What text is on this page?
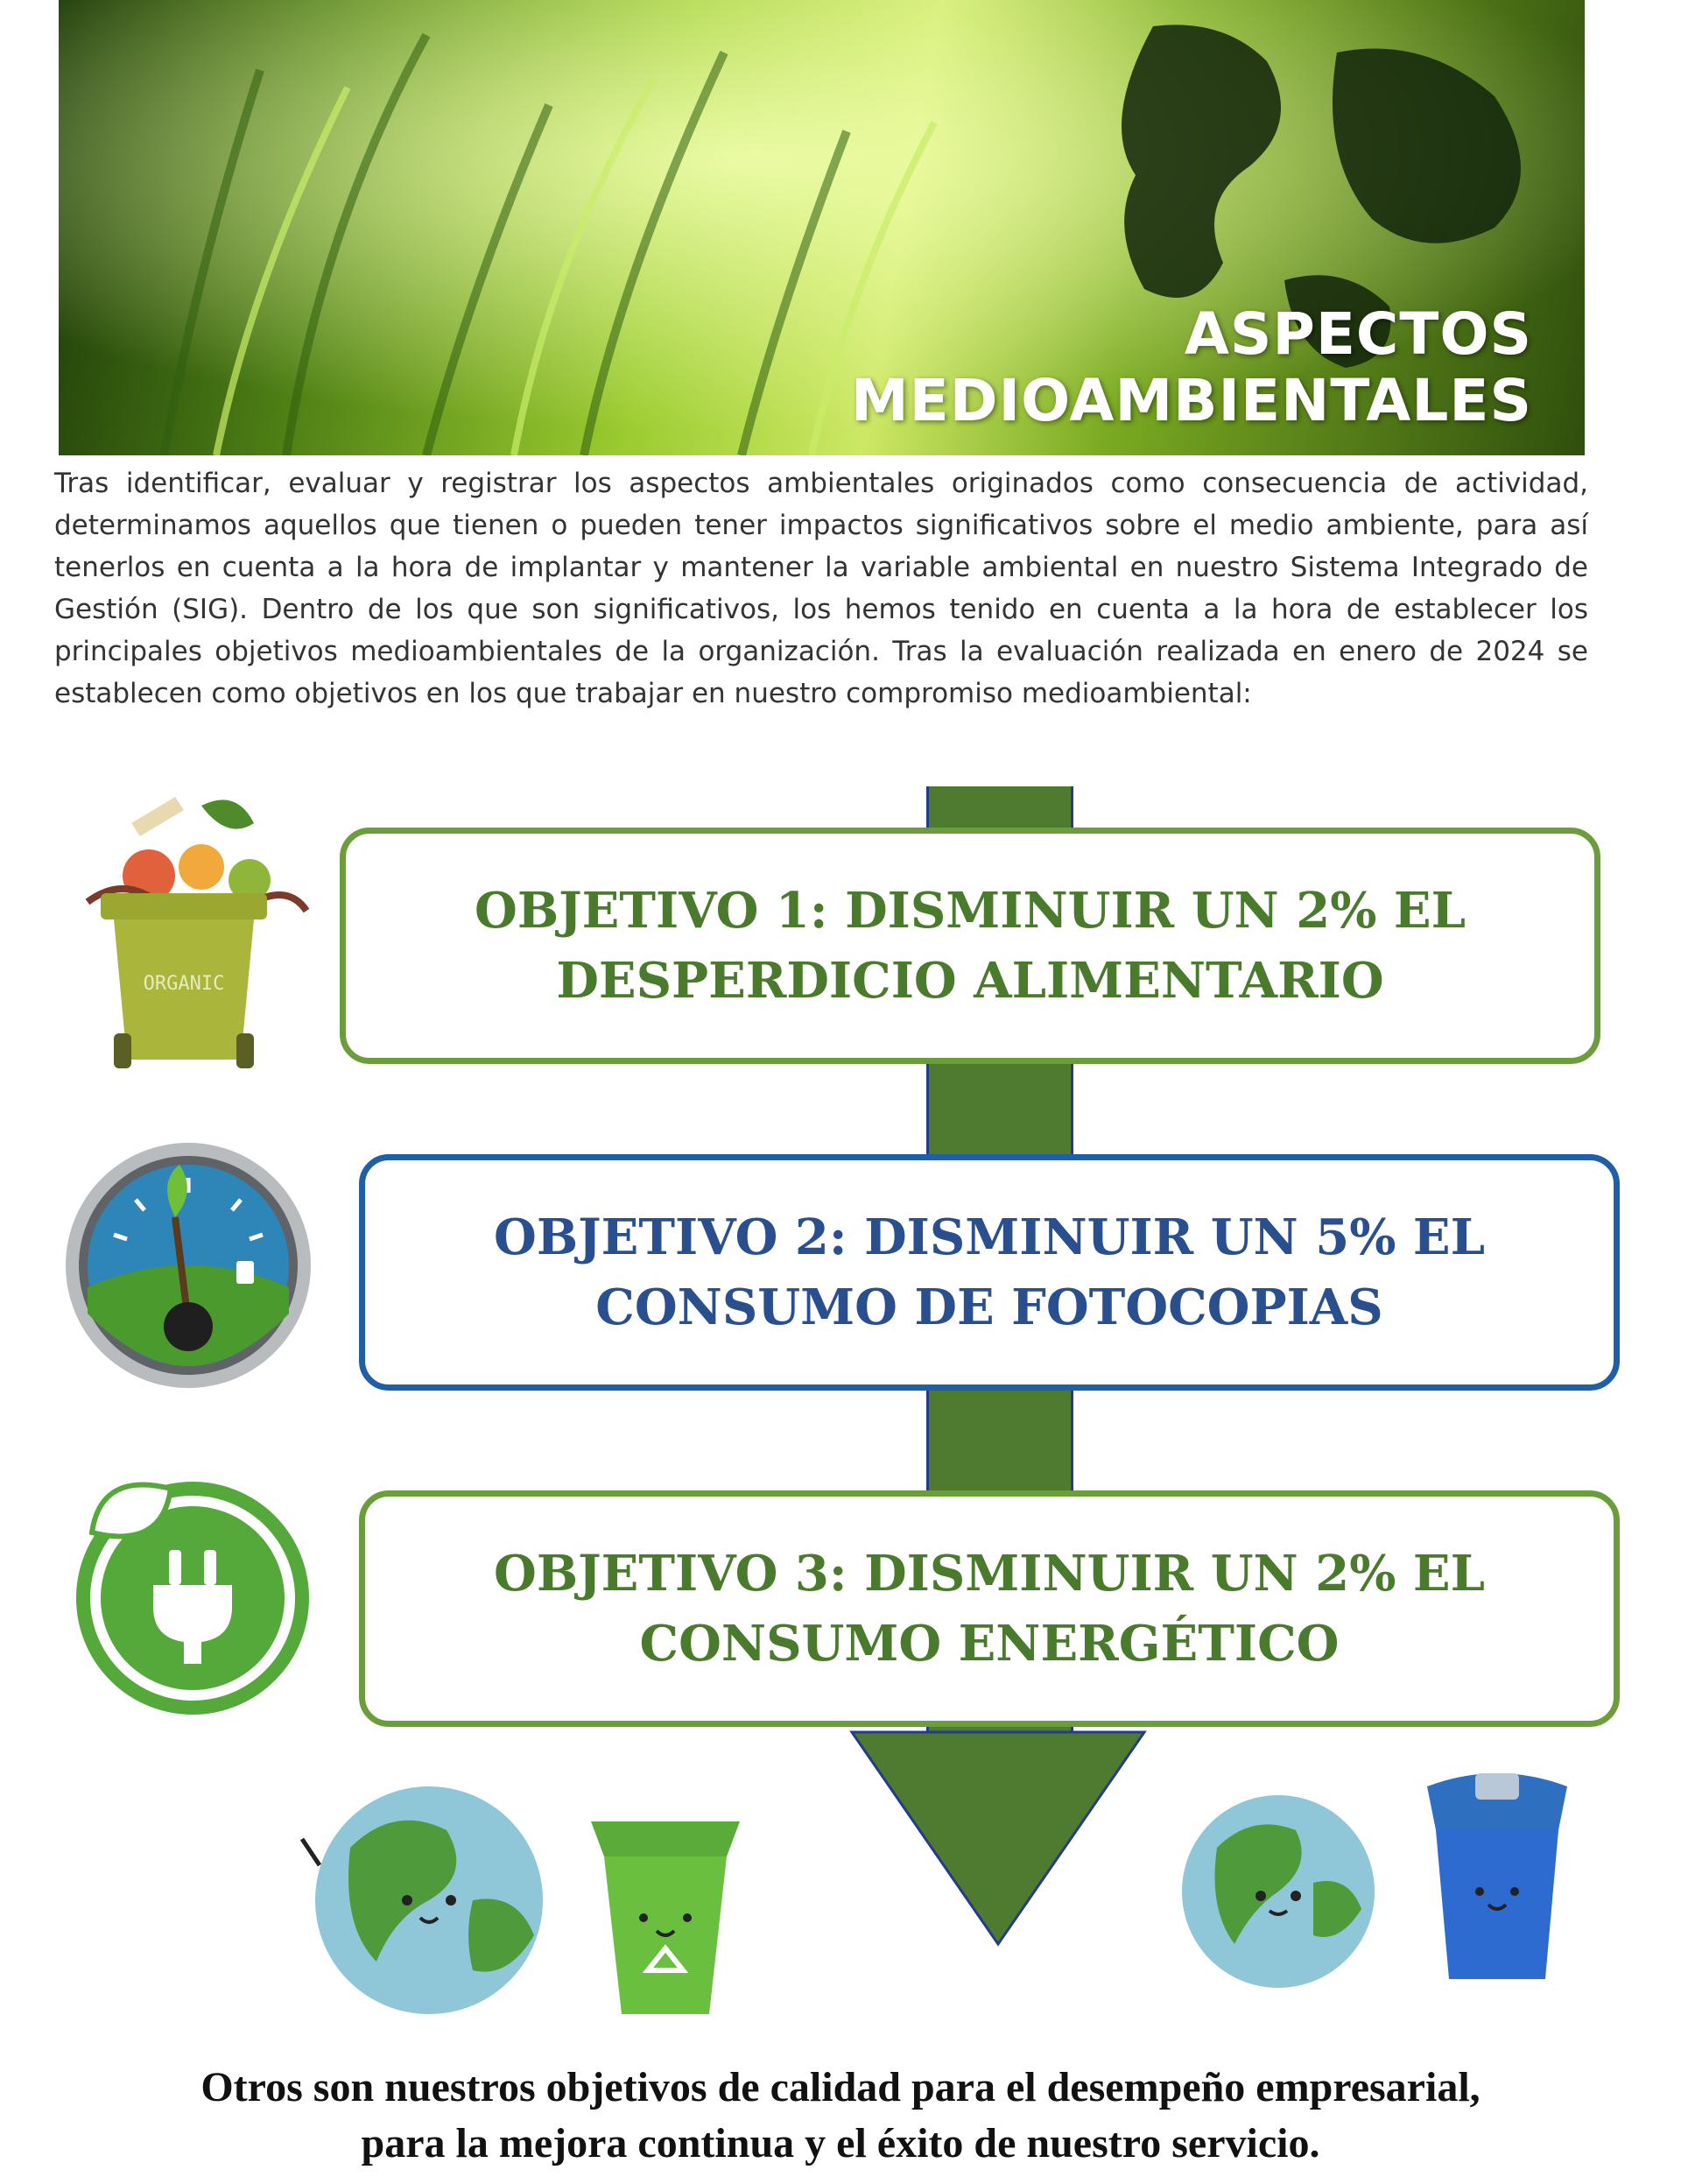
ASPECTOS
MEDIOAMBIENTALES

Tras identificar, evaluar y registrar los aspectos ambientales originados como consecuencia de actividad, determinamos aquellos que tienen o pueden tener impactos significativos sobre el medio ambiente, para así tenerlos en cuenta a la hora de implantar y mantener la variable ambiental en nuestro Sistema Integrado de Gestión (SIG). Dentro de los que son significativos, los hemos tenido en cuenta a la hora de establecer los principales objetivos medioambientales de la organización. Tras la evaluación realizada en enero de 2024 se establecen como objetivos en los que trabajar en nuestro compromiso medioambiental:

OBJETIVO 1: DISMINUIR UN 2% EL
DESPERDICIO ALIMENTARIO
OBJETIVO 2: DISMINUIR UN 5% EL
CONSUMO DE FOTOCOPIAS
OBJETIVO 3: DISMINUIR UN 2% EL
CONSUMO ENERGÉTICO
ORGANIC

Otros son nuestros objetivos de calidad para el desempeño empresarial,
para la mejora continua y el éxito de nuestro servicio.
